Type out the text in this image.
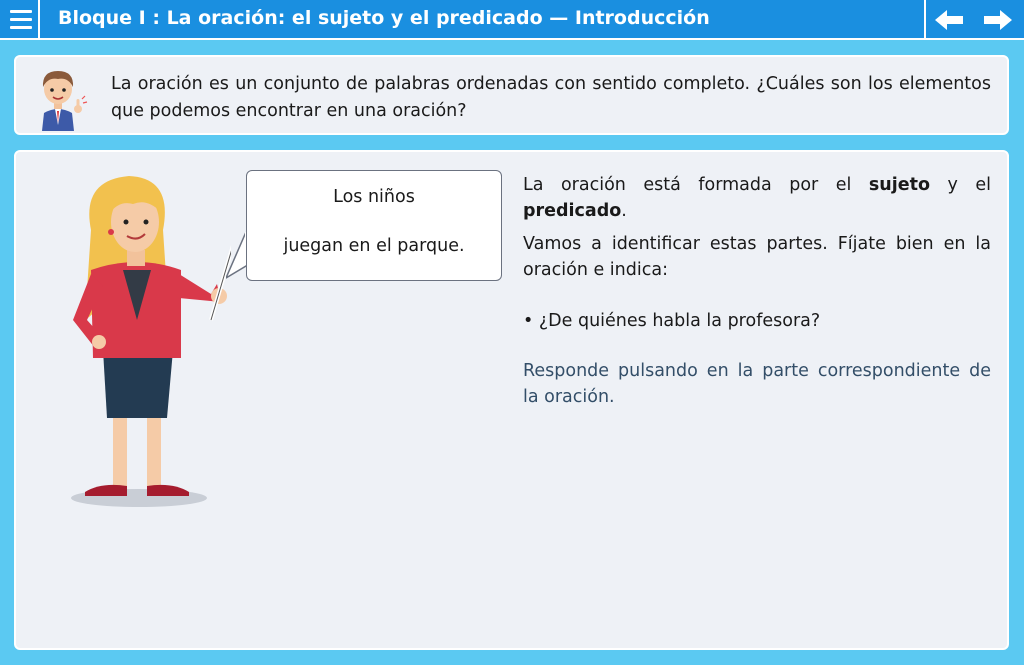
Bloque I : La oración: el sujeto y el predicado — Introducción
La oración es un conjunto de palabras ordenadas con sentido completo. ¿Cuáles son los elementos que podemos encontrar en una oración?
Los niños
juegan en el parque.
La oración está formada por el sujeto y el predicado.
Vamos a identificar estas partes. Fíjate bien en la oración e indica:
• ¿De quiénes habla la profesora?
Responde pulsando en la parte correspondiente de la oración.
